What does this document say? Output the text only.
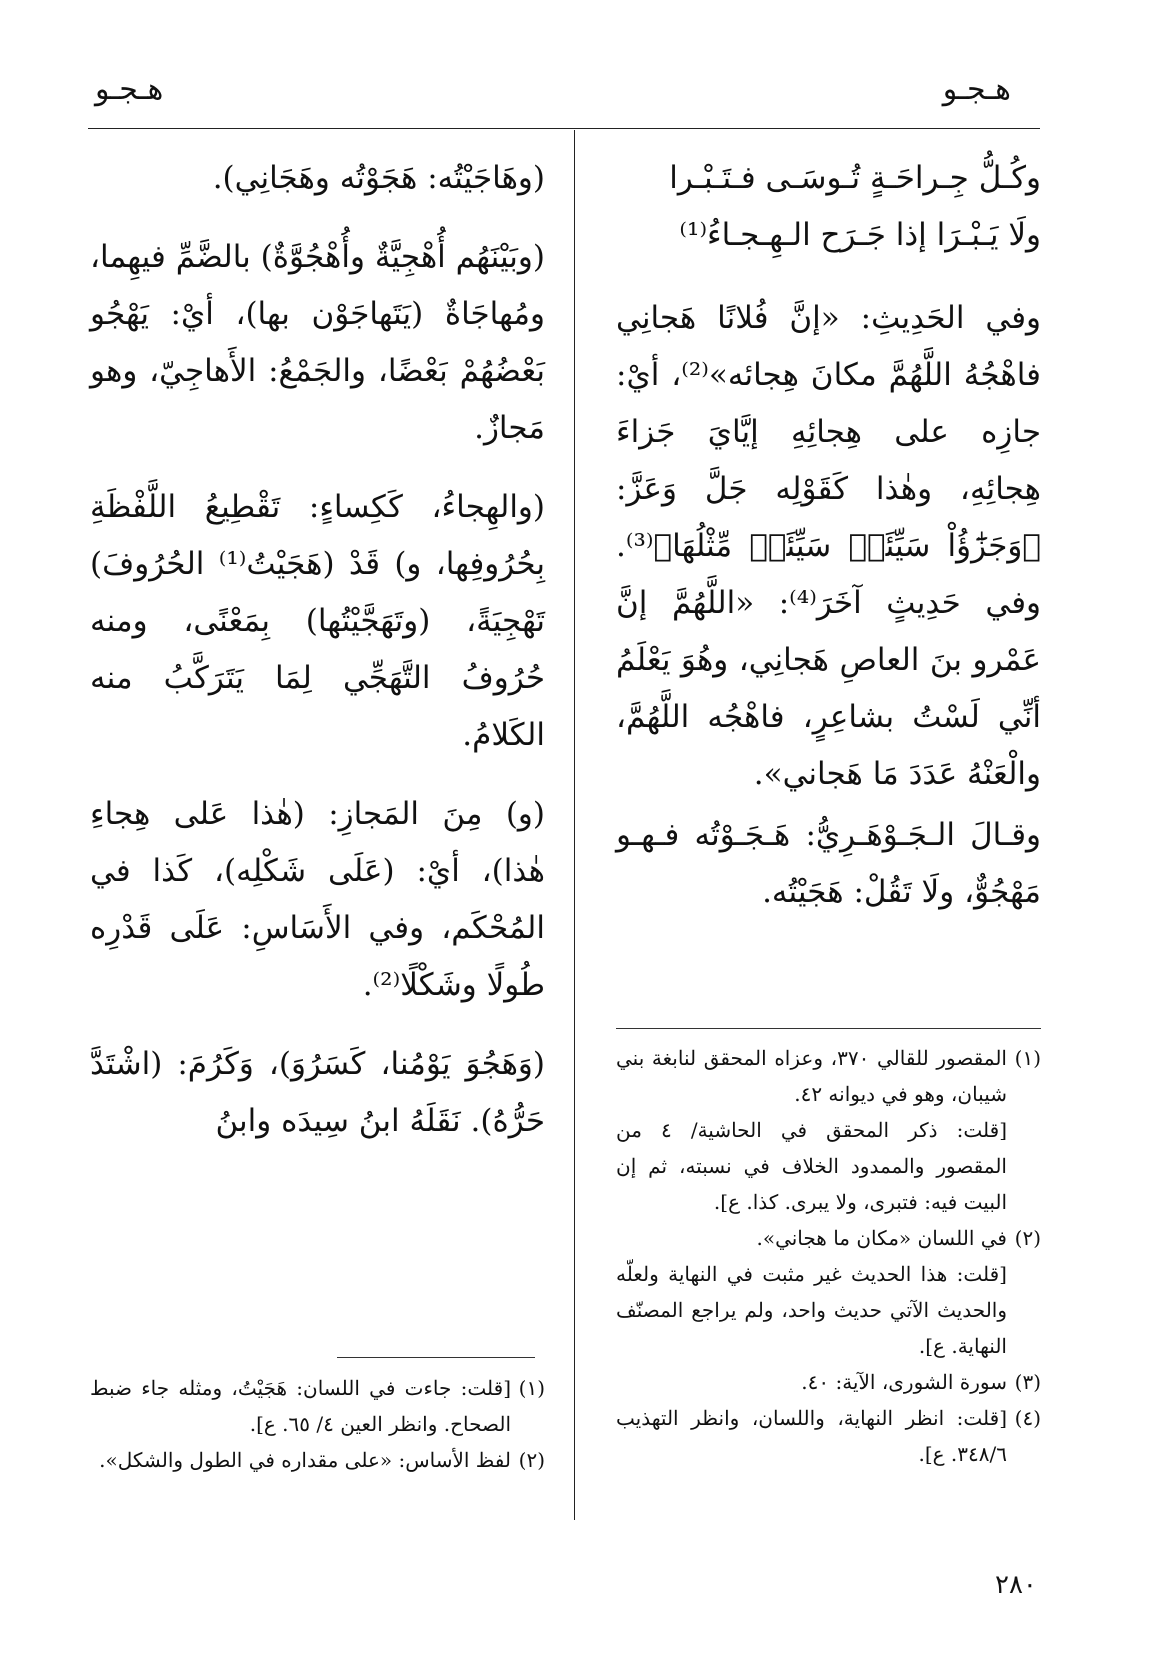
هـجـو
هـجـو

وكُـلُّ جِـراحَـةٍ تُـوسَـى فـتَـبْـرا

ولَا يَـبْـرَا إذا جَـرَح الـهِـجـاءُ⁽¹⁾

وفي الحَدِيثِ: «إنَّ فُلانًا هَجانِي فاهْجُهُ اللَّهُمَّ مكانَ هِجائه»⁽²⁾، أيْ: جازِه على هِجائِهِ إيَّايَ جَزاءَ هِجائِهِ، وهٰذا كَقَوْلِه جَلَّ وَعَزَّ: ﴿وَجَزَٰٓؤُاْ سَيِّئَةٖ سَيِّئَةٞ مِّثْلُهَا﴾⁽³⁾. وفي حَدِيثٍ آخَرَ⁽⁴⁾: «اللَّهُمَّ إنَّ عَمْرو بنَ العاصِ هَجانِي، وهُوَ يَعْلَمُ أنِّي لَسْتُ بشاعِرٍ، فاهْجُه اللَّهُمَّ، والْعَنْهُ عَدَدَ مَا هَجاني».

وقـالَ الـجَـوْهَـرِيُّ: هَـجَـوْتُه فـهـو مَهْجُوٌّ، ولَا تَقُلْ: هَجَيْتُه.

(وهَاجَيْتُه: هَجَوْتُه وهَجَانِي).

(وبَيْنَهُم أُهْجِيَّةٌ وأُهْجُوَّةٌ) بالضَّمِّ فيهِما، ومُهاجَاةٌ (يَتَهاجَوْن بها)، أيْ: يَهْجُو بَعْضُهُمْ بَعْضًا، والجَمْعُ: الأَهاجِيّ، وهو مَجازٌ.

(والهِجاءُ، كَكِساءٍ: تَقْطِيعُ اللَّفْظَةِ بِحُرُوفِها، و) قَدْ (هَجَيْتُ⁽¹⁾ الحُرُوفَ) تَهْجِيَةً، (وتَهَجَّيْتُها) بِمَعْنًى، ومنه حُرُوفُ التَّهَجِّي لِمَا يَتَرَكَّبُ منه الكَلامُ.

(و) مِنَ المَجازِ: (هٰذا عَلى هِجاءِ هٰذا)، أيْ: (عَلَى شَكْلِه)، كَذا في المُحْكَم، وفي الأَسَاسِ: عَلَى قَدْرِه طُولًا وشَكْلًا⁽²⁾.

(وَهَجُوَ يَوْمُنا، كَسَرُوَ)، وَكَرُمَ: (اشْتَدَّ حَرُّهُ). نَقَلَهُ ابنُ سِيدَه وابنُ

(١)
المقصور للقالي ٣٧٠، وعزاه المحقق لنابغة بني شيبان، وهو في ديوانه ٤٢.

[قلت: ذكر المحقق في الحاشية/ ٤ من المقصور والممدود الخلاف في نسبته، ثم إن البيت فيه: فتبرى، ولا يبرى. كذا. ع].

(٢)
في اللسان «مكان ما هجاني».

[قلت: هذا الحديث غير مثبت في النهاية ولعلّه والحديث الآتي حديث واحد، ولم يراجع المصنّف النهاية. ع].

(٣)
سورة الشورى، الآية: ٤٠.

(٤)
[قلت: انظر النهاية، واللسان، وانظر التهذيب ٣٤٨/٦. ع].

(١)
[قلت: جاءت في اللسان: هَجَيْتُ، ومثله جاء ضبط الصحاح. وانظر العين ٤/ ٦٥. ع].

(٢)
لفظ الأساس: «على مقداره في الطول والشكل».

٢٨٠
